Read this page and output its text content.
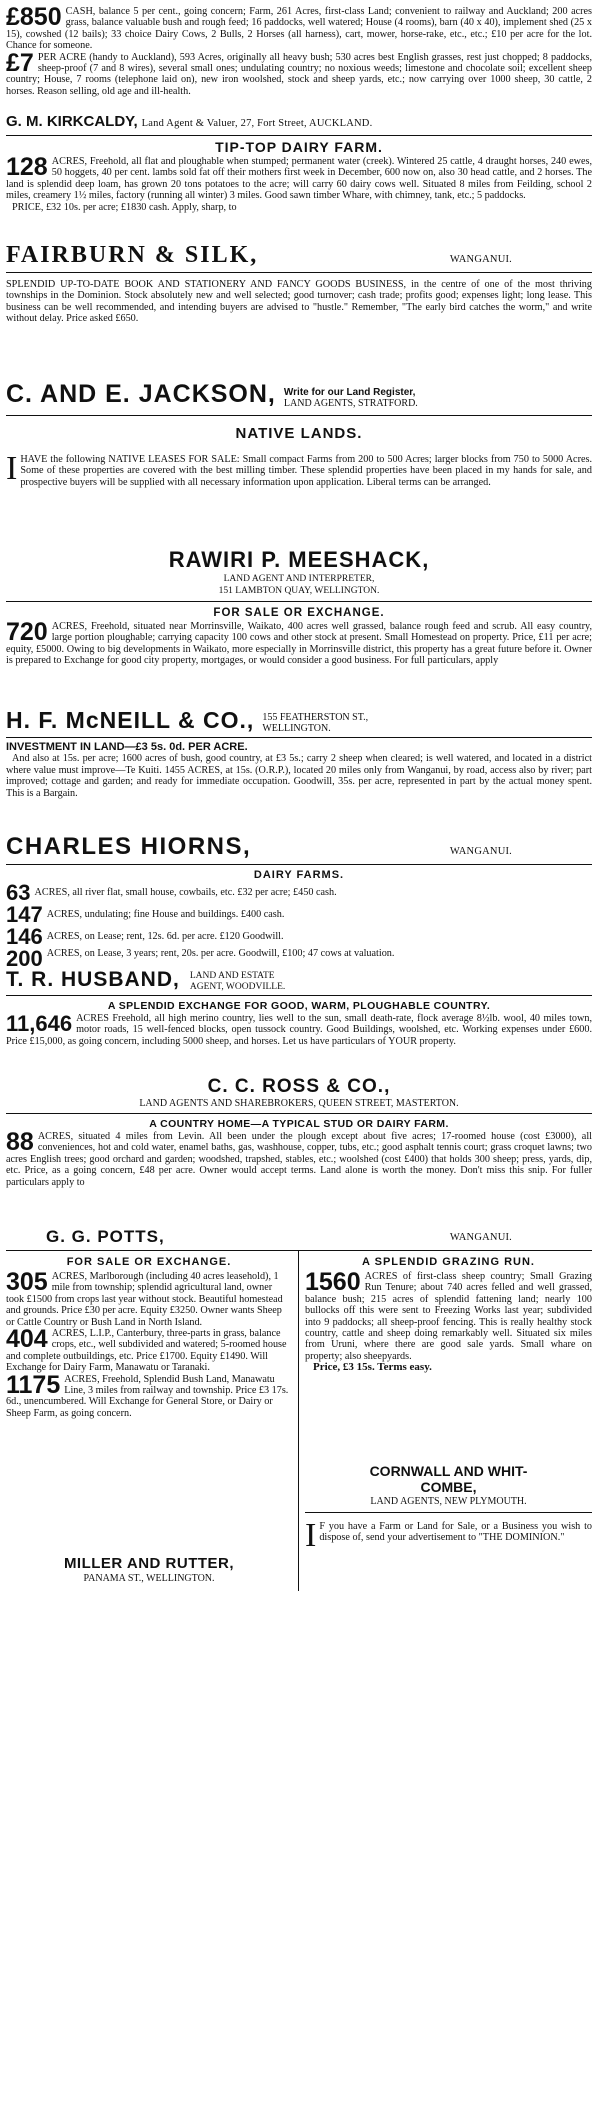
£850 CASH, balance 5 per cent., going concern; Farm, 261 Acres, first-class Land; convenient to railway and Auckland; 200 acres grass, balance valuable bush and rough feed; 16 paddocks, well watered; House (4 rooms), barn (40 x 40), implement shed (25 x 15), cowshed (12 bails); 33 choice Dairy Cows, 2 Bulls, 2 Horses (all harness), cart, mower, horse-rake, etc., etc.; £10 per acre for the lot. Chance for someone.

£7 PER ACRE (handy to Auckland), 593 Acres, originally all heavy bush; 530 acres best English grasses, rest just chopped; 8 paddocks, sheep-proof (7 and 8 wires), several small ones; undulating country; no noxious weeds; limestone and chocolate soil; excellent sheep country; House, 7 rooms (telephone laid on), new iron woolshed, stock and sheep yards, etc.; now carrying over 1000 sheep, 30 cattle, 2 horses. Reason selling, old age and ill-health.

G. M. KIRKCALDY, Land Agent & Valuer, 27, Fort Street, AUCKLAND.
TIP-TOP DAIRY FARM.

128 ACRES, Freehold, all flat and ploughable when stumped; permanent water (creek). Wintered 25 cattle, 4 draught horses, 240 ewes, 50 hoggets, 40 per cent. lambs sold fat off their mothers first week in December, 600 now on, also 30 head cattle, and 2 horses. The land is splendid deep loam, has grown 20 tons potatoes to the acre; will carry 60 dairy cows well. Situated 8 miles from Feilding, school 2 miles, creamery 1½ miles, factory (running all winter) 3 miles. Good sawn timber Whare, with chimney, tank, etc.; 5 paddocks.
PRICE, £32 10s. per acre; £1830 cash. Apply, sharp, to

FAIRBURN & SILK,	WANGANUI.

SPLENDID UP-TO-DATE BOOK AND STATIONERY AND FANCY GOODS BUSINESS, in the centre of one of the most thriving townships in the Dominion. Stock absolutely new and well selected; good turnover; cash trade; profits good; expenses light; long lease. This business can be well recommended, and intending buyers are advised to "hustle." Remember, "The early bird catches the worm," and write without delay. Price asked £650.

C. AND E. JACKSON, Write for our Land Register,
LAND AGENTS, STRATFORD.
NATIVE LANDS.

I HAVE the following NATIVE LEASES FOR SALE: Small compact Farms from 200 to 500 Acres; larger blocks from 750 to 5000 Acres. Some of these properties are covered with the best milling timber. These splendid properties have been placed in my hands for sale, and prospective buyers will be supplied with all necessary information upon application. Liberal terms can be arranged.

RAWIRI P. MEESHACK,
LAND AGENT AND INTERPRETER,
151 LAMBTON QUAY, WELLINGTON.
FOR SALE OR EXCHANGE.

720 ACRES, Freehold, situated near Morrinsville, Waikato, 400 acres well grassed, balance rough feed and scrub. All easy country, large portion ploughable; carrying capacity 100 cows and other stock at present. Small Homestead on property. Price, £11 per acre; equity, £5000. Owing to big developments in Waikato, more especially in Morrinsville district, this property has a great future before it. Owner is prepared to Exchange for good city property, mortgages, or would consider a good business. For full particulars, apply

H. F. McNEILL & CO., 155 FEATHERSTON ST.,
WELLINGTON.

INVESTMENT IN LAND—£3 5s. 0d. PER ACRE.
And also at 15s. per acre; 1600 acres of bush, good country, at £3 5s.; carry 2 sheep when cleared; is well watered, and located in a district where value must improve—Te Kuiti. 1455 ACRES, at 15s. (O.R.P.), located 20 miles only from Wanganui, by road, access also by river; part improved; cottage and garden; and ready for immediate occupation. Goodwill, 35s. per acre, represented in part by the actual money spent. This is a Bargain.

CHARLES HIORNS,	WANGANUI.
DAIRY FARMS.
63 ACRES, all river flat, small house, cowbails, etc. £32 per acre; £450 cash.
147 ACRES, undulating; fine House and buildings. £400 cash.
146 ACRES, on Lease; rent, 12s. 6d. per acre. £120 Goodwill.
200 ACRES, on Lease, 3 years; rent, 20s. per acre. Goodwill, £100; 47 cows at valuation.
T. R. HUSBAND, LAND AND ESTATE
AGENT, WOODVILLE.
A SPLENDID EXCHANGE FOR GOOD, WARM, PLOUGHABLE COUNTRY.

11,646 ACRES Freehold, all high merino country, lies well to the sun, small death-rate, flock average 8½lb. wool, 40 miles town, motor roads, 15 well-fenced blocks, open tussock country. Good Buildings, woolshed, etc. Working expenses under £600. Price £15,000, as going concern, including 5000 sheep, and horses. Let us have particulars of YOUR property.

C. C. ROSS & CO.,
LAND AGENTS AND SHAREBROKERS, QUEEN STREET, MASTERTON.
A COUNTRY HOME—A TYPICAL STUD OR DAIRY FARM.

88 ACRES, situated 4 miles from Levin. All been under the plough except about five acres; 17-roomed house (cost £3000), all conveniences, hot and cold water, enamel baths, gas, washhouse, copper, tubs, etc.; good asphalt tennis court; grass croquet lawns; two acres English trees; good orchard and garden; woodshed, trapshed, stables, etc.; woolshed (cost £400) that holds 300 sheep; press, yards, dip, etc. Price, as a going concern, £48 per acre. Owner would accept terms. Land alone is worth the money. Don't miss this snip. For fuller particulars apply to

G. G. POTTS,	WANGANUI.
FOR SALE OR EXCHANGE.
305 ACRES, Marlborough (including 40 acres leasehold), 1 mile from township; splendid agricultural land, owner took £1500 from crops last year without stock. Beautiful homestead and grounds. Price £30 per acre. Equity £3250. Owner wants Sheep or Cattle Country or Bush Land in North Island.
404 ACRES, L.I.P., Canterbury, three-parts in grass, balance crops, etc., well subdivided and watered; 5-roomed house and complete outbuildings, etc. Price £1700. Equity £1490. Will Exchange for Dairy Farm, Manawatu or Taranaki.
1175 ACRES, Freehold, Splendid Bush Land, Manawatu Line, 3 miles from railway and township. Price £3 17s. 6d., unencumbered. Will Exchange for General Store, or Dairy or Sheep Farm, as going concern.
MILLER AND RUTTER,
PANAMA ST., WELLINGTON.
A SPLENDID GRAZING RUN.

1560 ACRES of first-class sheep country; Small Grazing Run Tenure; about 740 acres felled and well grassed, balance bush; 215 acres of splendid fattening land; nearly 100 bullocks off this were sent to Freezing Works last year; subdivided into 9 paddocks; all sheep-proof fencing. This is really healthy stock country, cattle and sheep doing remarkably well. Situated six miles from Uruni, where there are good sale yards. Small whare on property; also sheepyards.
Price, £3 15s. Terms easy.

CORNWALL AND WHIT-
COMBE,
LAND AGENTS, NEW PLYMOUTH.

I F you have a Farm or Land for Sale, or a Business you wish to dispose of, send your advertisement to "THE DOMINION."
